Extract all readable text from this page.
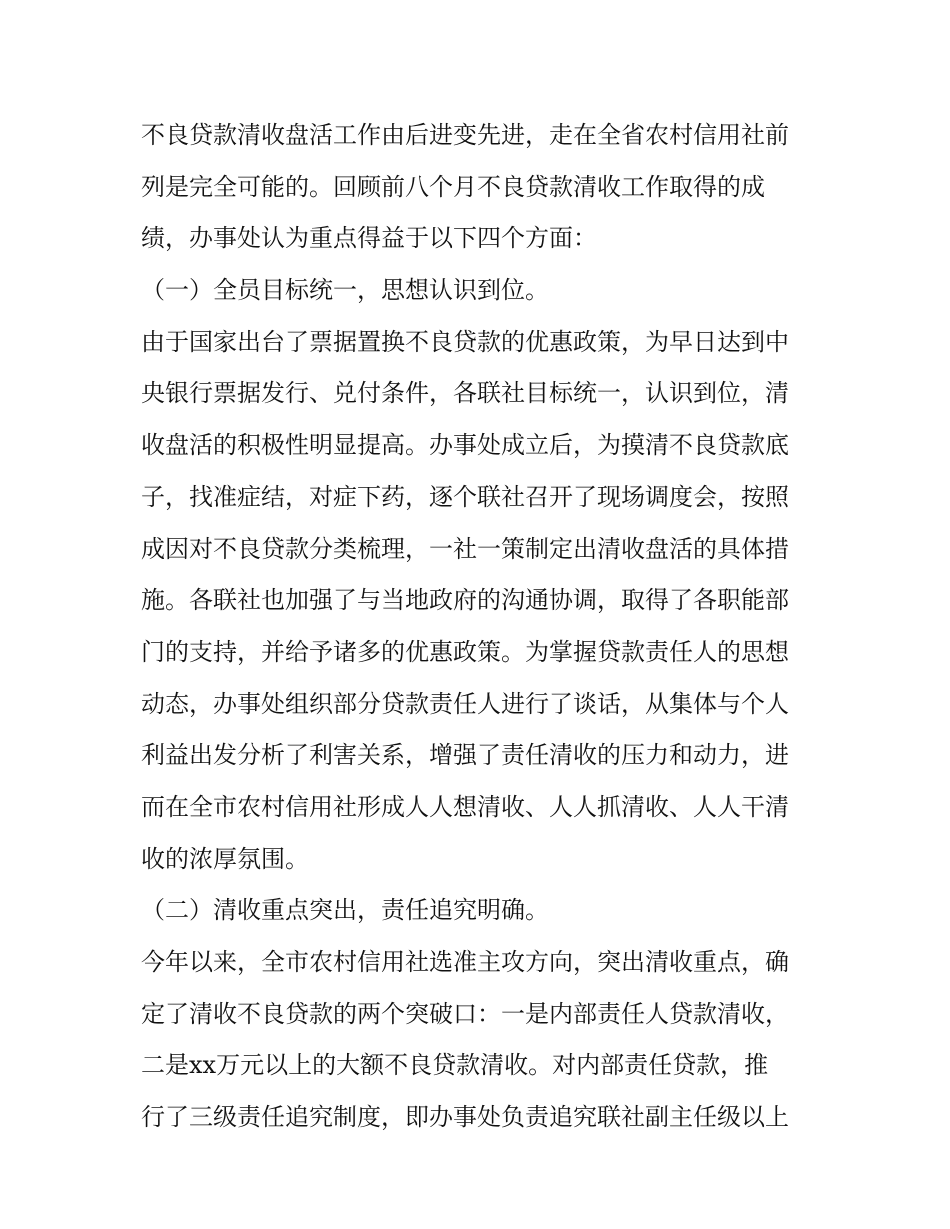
不良贷款清收盘活工作由后进变先进，走在全省农村信用社前
列是完全可能的。回顾前八个月不良贷款清收工作取得的成
绩，办事处认为重点得益于以下四个方面：
（一）全员目标统一，思想认识到位。
由于国家出台了票据置换不良贷款的优惠政策，为早日达到中
央银行票据发行、兑付条件，各联社目标统一，认识到位，清
收盘活的积极性明显提高。办事处成立后，为摸清不良贷款底
子，找准症结，对症下药，逐个联社召开了现场调度会，按照
成因对不良贷款分类梳理，一社一策制定出清收盘活的具体措
施。各联社也加强了与当地政府的沟通协调，取得了各职能部
门的支持，并给予诸多的优惠政策。为掌握贷款责任人的思想
动态，办事处组织部分贷款责任人进行了谈话，从集体与个人
利益出发分析了利害关系，增强了责任清收的压力和动力，进
而在全市农村信用社形成人人想清收、人人抓清收、人人干清
收的浓厚氛围。
（二）清收重点突出，责任追究明确。
今年以来，全市农村信用社选准主攻方向，突出清收重点，确
定了清收不良贷款的两个突破口：一是内部责任人贷款清收，
二是xx万元以上的大额不良贷款清收。对内部责任贷款，推
行了三级责任追究制度，即办事处负责追究联社副主任级以上
